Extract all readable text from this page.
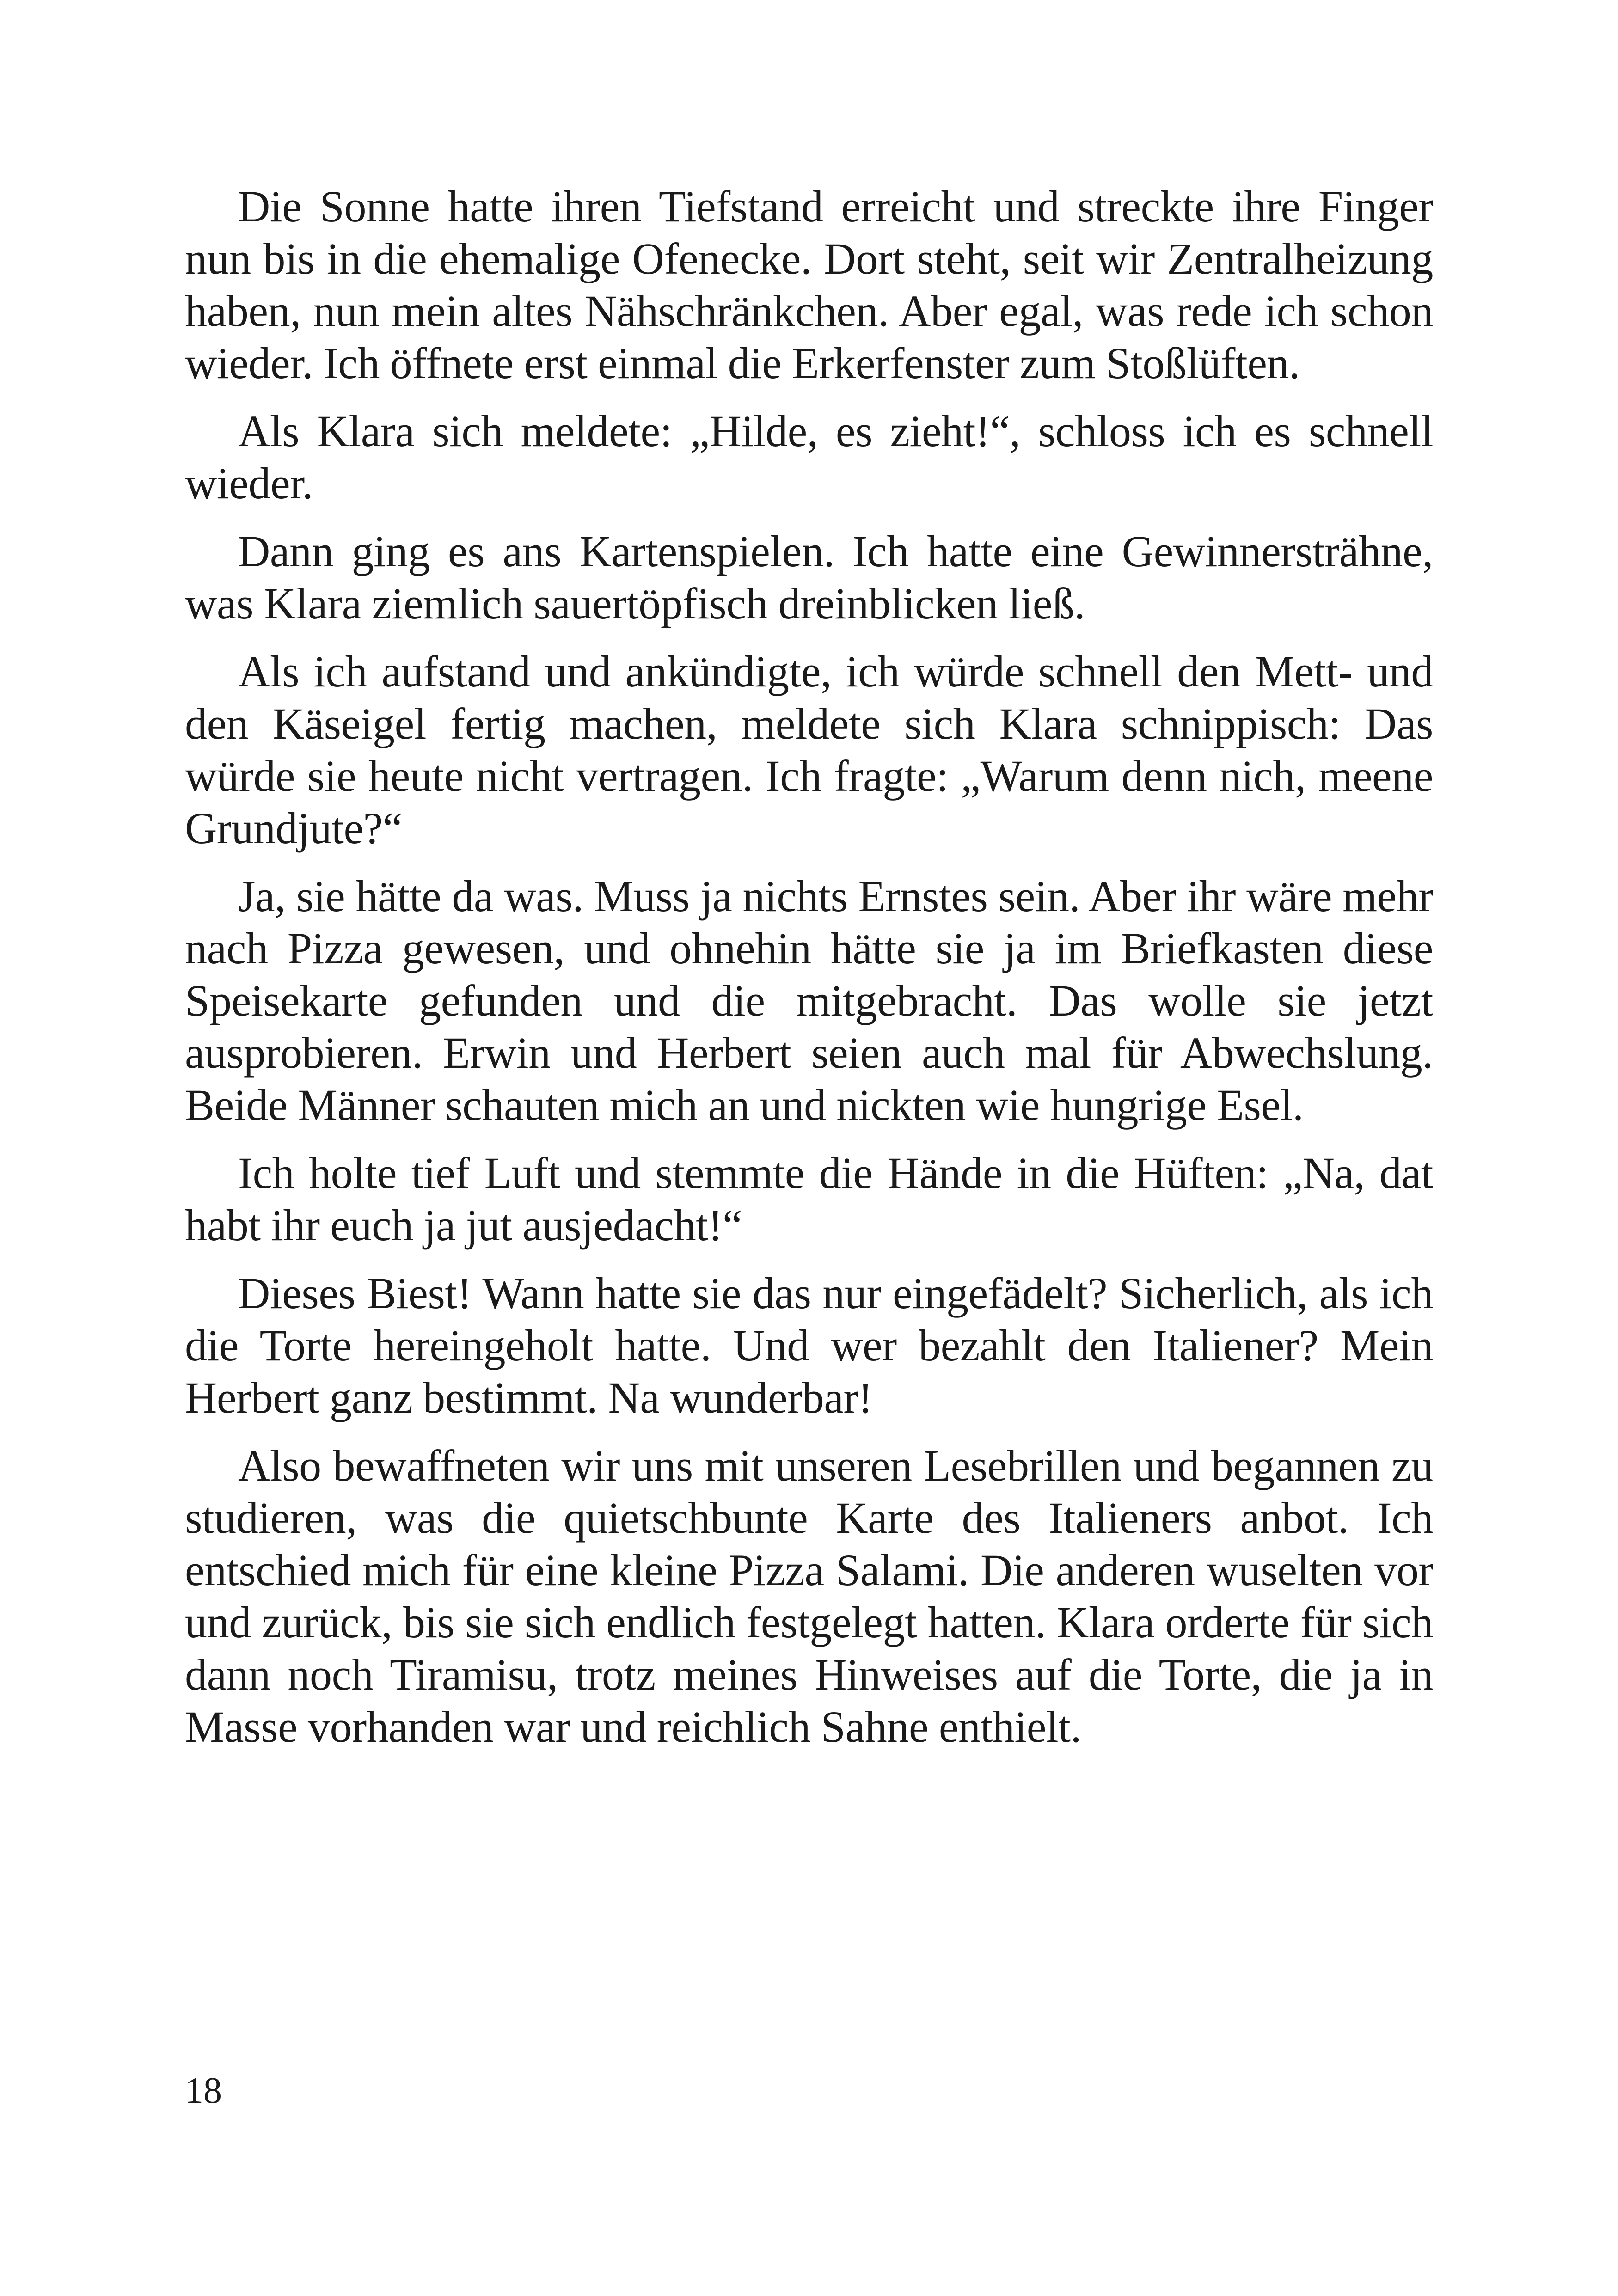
Die Sonne hatte ihren Tiefstand erreicht und streckte ihre Finger nun bis in die ehemalige Ofenecke. Dort steht, seit wir Zentralheizung haben, nun mein altes Nähschränkchen. Aber egal, was rede ich schon wieder. Ich öffnete erst einmal die Erkerfenster zum Stoßlüften.

Als Klara sich meldete: „Hilde, es zieht!“, schloss ich es schnell wieder.

Dann ging es ans Kartenspielen. Ich hatte eine Gewinnersträhne, was Klara ziemlich sauertöpfisch dreinblicken ließ.

Als ich aufstand und ankündigte, ich würde schnell den Mett- und den Käseigel fertig machen, meldete sich Klara schnippisch: Das würde sie heute nicht vertragen. Ich fragte: „Warum denn nich, meene Grundjute?“

Ja, sie hätte da was. Muss ja nichts Ernstes sein. Aber ihr wäre mehr nach Pizza gewesen, und ohnehin hätte sie ja im Briefkasten diese Speisekarte gefunden und die mitgebracht. Das wolle sie jetzt ausprobieren. Erwin und Herbert seien auch mal für Abwechslung. Beide Männer schauten mich an und nickten wie hungrige Esel.

Ich holte tief Luft und stemmte die Hände in die Hüften: „Na, dat habt ihr euch ja jut ausjedacht!“

Dieses Biest! Wann hatte sie das nur eingefädelt? Sicherlich, als ich die Torte hereingeholt hatte. Und wer bezahlt den Italiener? Mein Herbert ganz bestimmt. Na wunderbar!

Also bewaffneten wir uns mit unseren Lesebrillen und begannen zu studieren, was die quietschbunte Karte des Italieners anbot. Ich entschied mich für eine kleine Pizza Salami. Die anderen wuselten vor und zurück, bis sie sich endlich festgelegt hatten. Klara orderte für sich dann noch Tiramisu, trotz meines Hinweises auf die Torte, die ja in Masse vorhanden war und reichlich Sahne enthielt.

18
